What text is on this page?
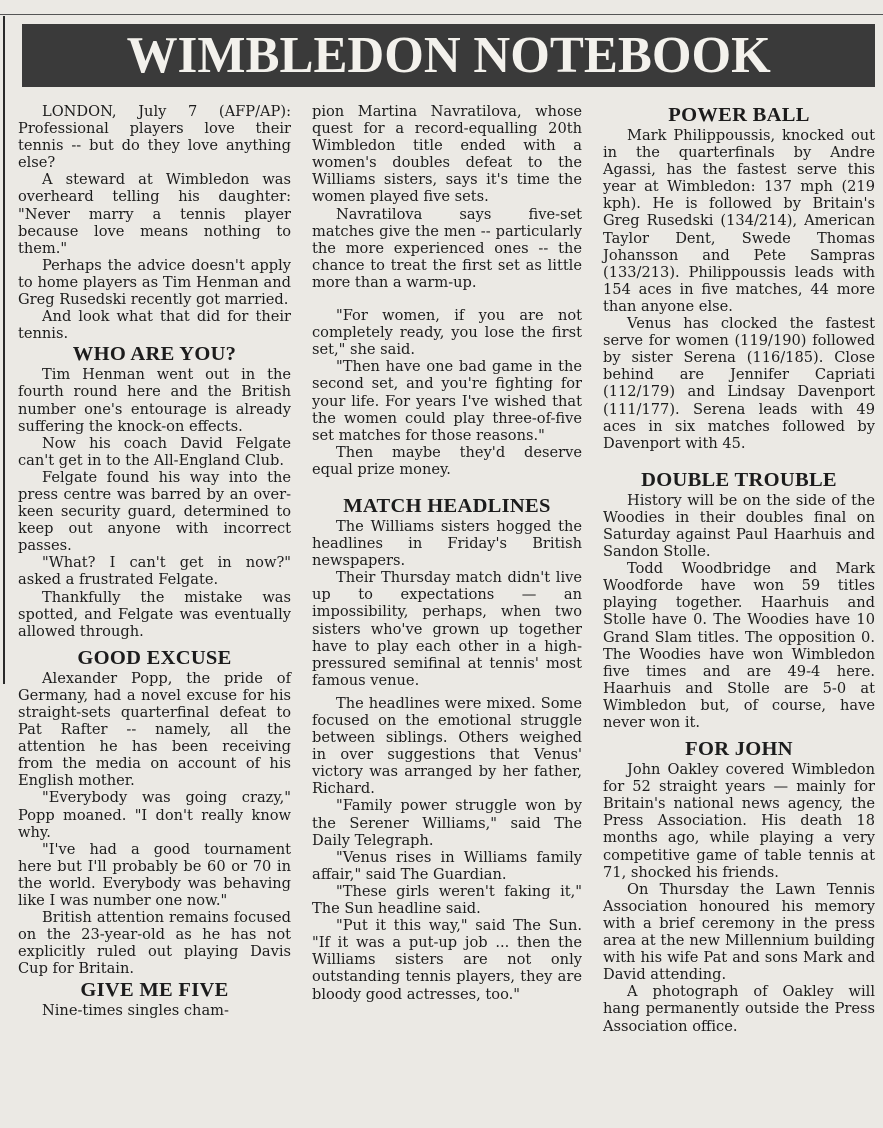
WIMBLEDON NOTEBOOK

LONDON, July 7 (AFP/AP): Professional players love their tennis -- but do they love anything else?

A steward at Wimbledon was overheard telling his daughter: "Never marry a tennis player because love means nothing to them."

Perhaps the advice doesn't apply to home players as Tim Henman and Greg Rusedski recently got married.

And look what that did for their tennis.

WHO ARE YOU?

Tim Henman went out in the fourth round here and the British number one's entourage is already suffering the knock-on effects.

Now his coach David Felgate can't get in to the All-England Club.

Felgate found his way into the press centre was barred by an over-keen security guard, determined to keep out anyone with incorrect passes.

"What? I can't get in now?" asked a frustrated Felgate.

Thankfully the mistake was spotted, and Felgate was eventually allowed through.

GOOD EXCUSE

Alexander Popp, the pride of Germany, had a novel excuse for his straight-sets quarterfinal defeat to Pat Rafter -- namely, all the attention he has been receiving from the media on account of his English mother.

"Everybody was going crazy," Popp moaned. "I don't really know why.

"I've had a good tournament here but I'll probably be 60 or 70 in the world. Everybody was behaving like I was number one now."

British attention remains focused on the 23-year-old as he has not explicitly ruled out playing Davis Cup for Britain.

GIVE ME FIVE

Nine-times singles cham-

pion Martina Navratilova, whose quest for a record-equalling 20th Wimbledon title ended with a women's doubles defeat to the Williams sisters, says it's time the women played five sets.

Navratilova says five-set matches give the men -- particularly the more experienced ones -- the chance to treat the first set as little more than a warm-up.

"For women, if you are not completely ready, you lose the first set," she said.

"Then have one bad game in the second set, and you're fighting for your life. For years I've wished that the women could play three-of-five set matches for those reasons."

Then maybe they'd deserve equal prize money.

MATCH HEADLINES

The Williams sisters hogged the headlines in Friday's British newspapers.

Their Thursday match didn't live up to expectations — an impossibility, perhaps, when two sisters who've grown up together have to play each other in a high-pressured semifinal at tennis' most famous venue.

The headlines were mixed. Some focused on the emotional struggle between siblings. Others weighed in over suggestions that Venus' victory was arranged by her father, Richard.

"Family power struggle won by the Serener Williams," said The Daily Telegraph.

"Venus rises in Williams family affair," said The Guardian.

"These girls weren't faking it," The Sun headline said.

"Put it this way," said The Sun. "If it was a put-up job ... then the Williams sisters are not only outstanding tennis players, they are bloody good actresses, too."

POWER BALL

Mark Philippoussis, knocked out in the quarterfinals by Andre Agassi, has the fastest serve this year at Wimbledon: 137 mph (219 kph). He is followed by Britain's Greg Rusedski (134/214), American Taylor Dent, Swede Thomas Johansson and Pete Sampras (133/213). Philippoussis leads with 154 aces in five matches, 44 more than anyone else.

Venus has clocked the fastest serve for women (119/190) followed by sister Serena (116/185). Close behind are Jennifer Capriati (112/179) and Lindsay Davenport (111/177). Serena leads with 49 aces in six matches followed by Davenport with 45.

DOUBLE TROUBLE

History will be on the side of the Woodies in their doubles final on Saturday against Paul Haarhuis and Sandon Stolle.

Todd Woodbridge and Mark Woodforde have won 59 titles playing together. Haarhuis and Stolle have 0. The Woodies have 10 Grand Slam titles. The opposition 0. The Woodies have won Wimbledon five times and are 49-4 here. Haarhuis and Stolle are 5-0 at Wimbledon but, of course, have never won it.

FOR JOHN

John Oakley covered Wimbledon for 52 straight years — mainly for Britain's national news agency, the Press Association. His death 18 months ago, while playing a very competitive game of table tennis at 71, shocked his friends.

On Thursday the Lawn Tennis Association honoured his memory with a brief ceremony in the press area at the new Millennium building with his wife Pat and sons Mark and David attending.

A photograph of Oakley will hang permanently outside the Press Association office.
